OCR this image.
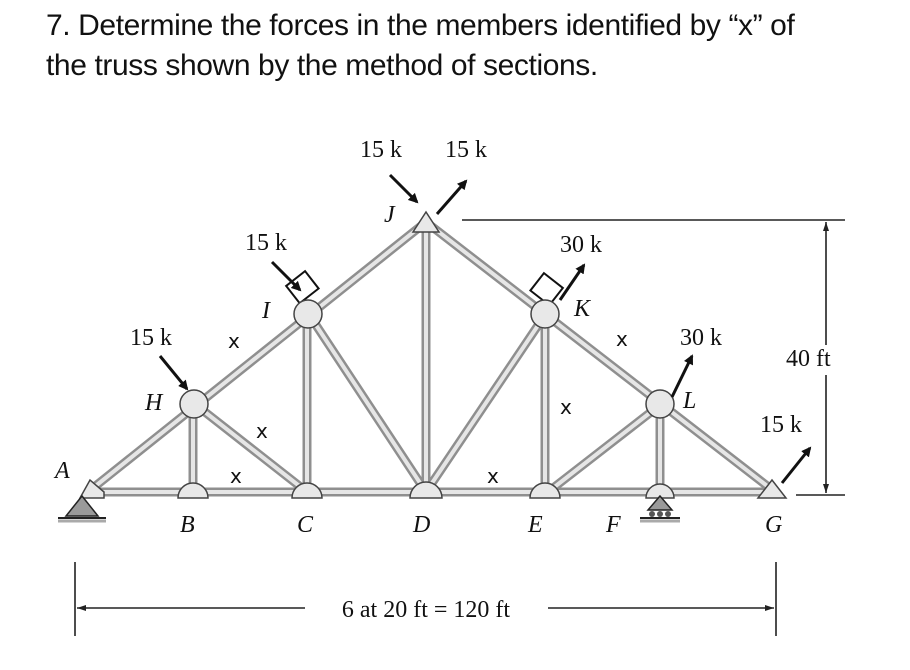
7. Determine the forces in the members identified by “x” of
the truss shown by the method of sections.
15 k 15 k
15 k
15 k
30 k
30 k
15 k
A
B	C	D	E	F	G
H
I
J
K
L
x
x
x	x
x
x
40 ft
6 at 20 ft = 120 ft
